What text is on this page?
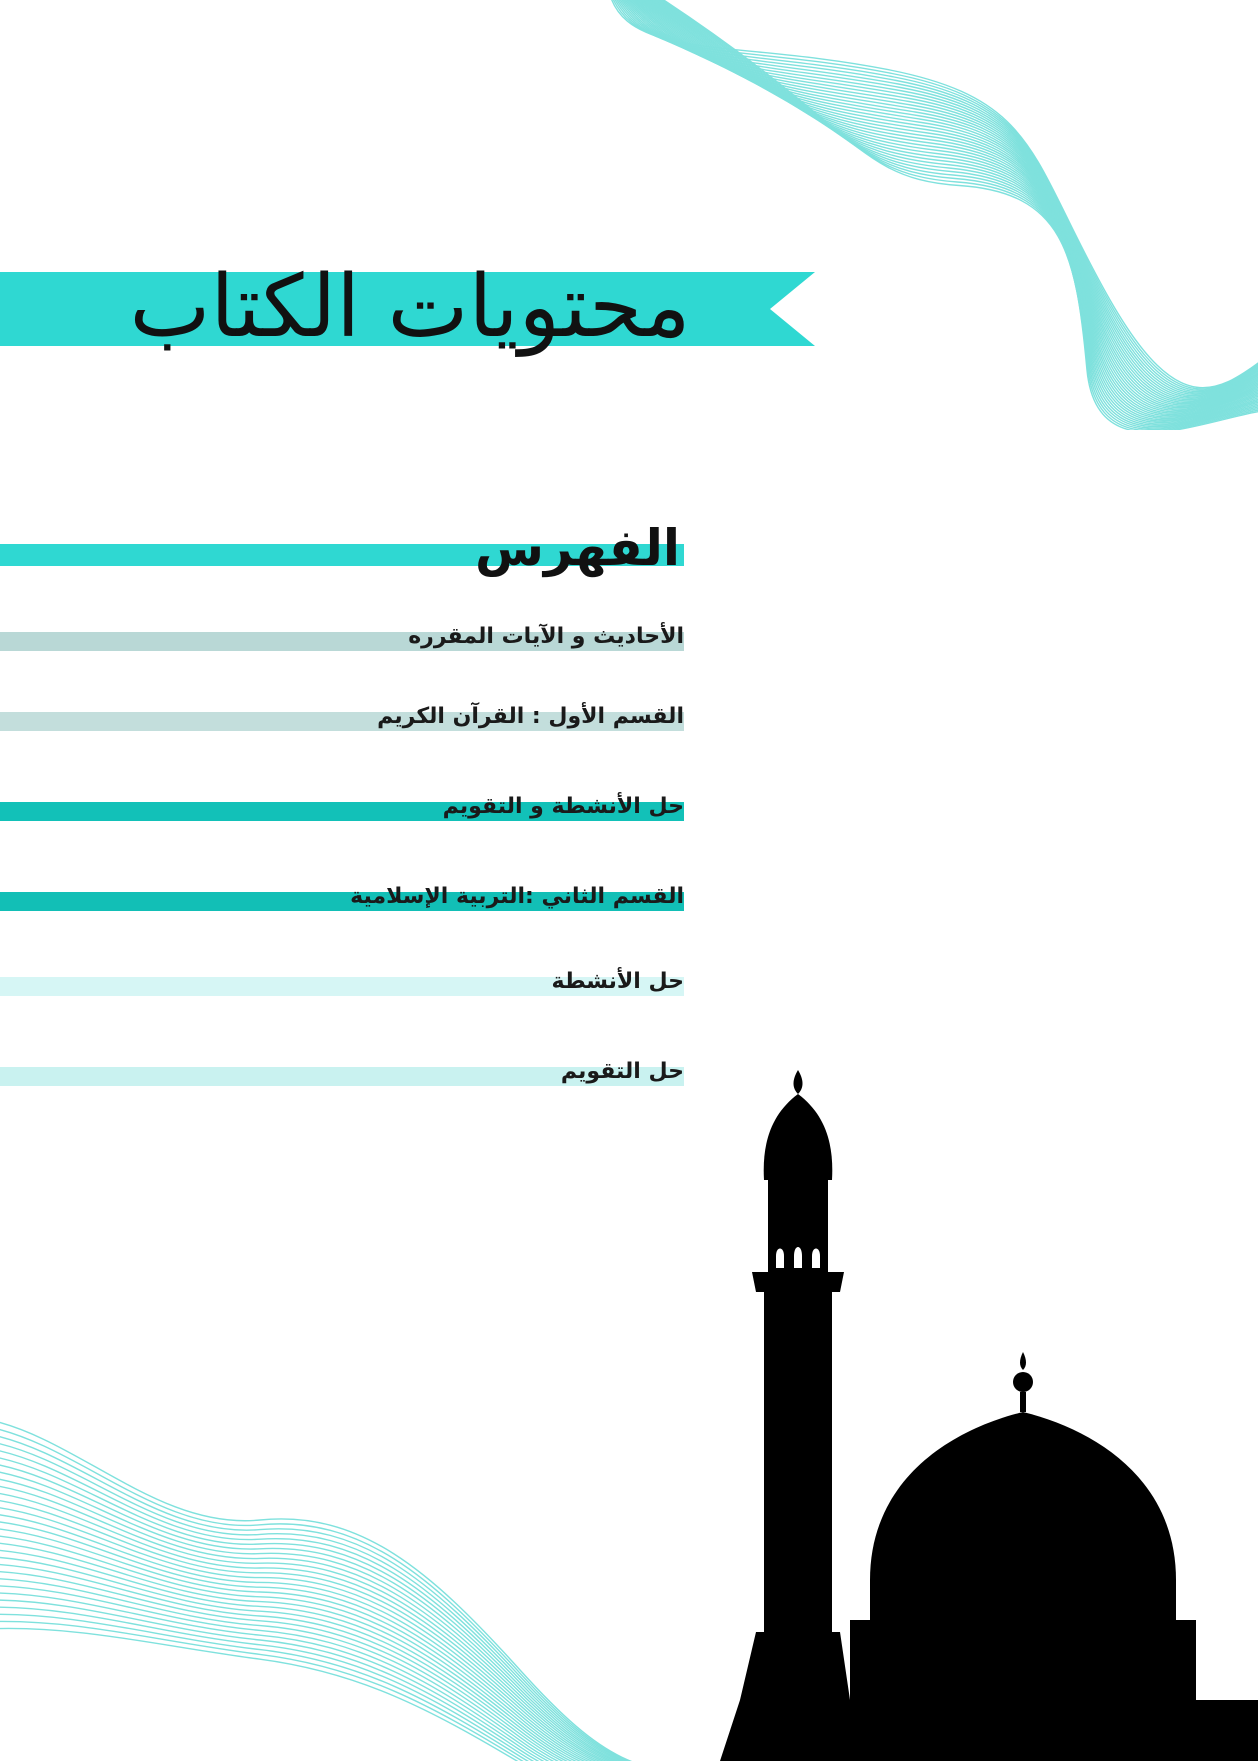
محتويات الكتاب
الفهرس
الأحاديث و الآيات المقرره
القسم الأول : القرآن الكريم
حل الأنشطة و التقويم
القسم الثاني :التربية الإسلامية
حل الأنشطة
حل التقويم
